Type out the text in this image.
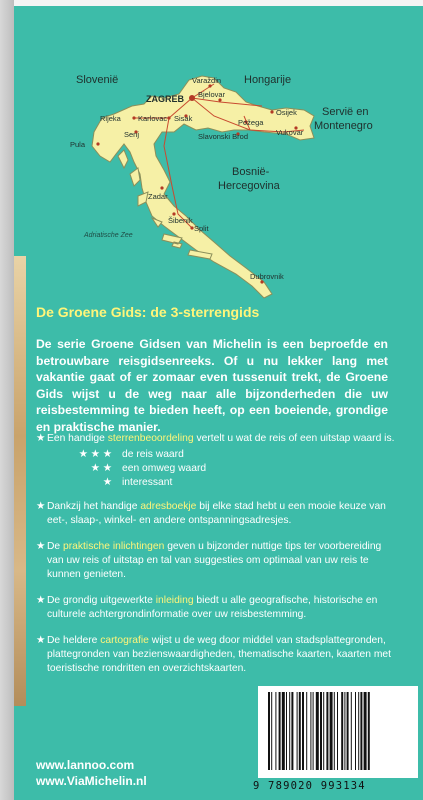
Slovenië	Hongarije
Servië en
Montenegro
Bosnië-
Hercegovina
ZAGREB
Varaždin
Bjelovar
Rijeka Karlovac Sisak
Osijek
Požega
Senj	Slavonski Brod	Vukovar
Pula
Zadar
Šibenik
Split
Dubrovnik
Adriatische Zee
De Groene Gids: de 3-sterrengids
De serie Groene Gidsen van Michelin is een beproefde en betrouwbare reisgidsenreeks. Of u nu lekker lang met vakantie gaat of er zomaar even tussenuit trekt, de Groene Gids wijst u de weg naar alle bijzonderheden die uw reisbestemming te bieden heeft, op een boeiende, grondige en praktische manier.
★ Een handige sterrenbeoordeling vertelt u wat de reis of een uitstap waard is.
★ ★ ★ de reis waard
★ ★ een omweg waard
★ interessant
★ Dankzij het handige adresboekje bij elke stad hebt u een mooie keuze van eet-, slaap-, winkel- en andere ontspanningsadresjes.
★ De praktische inlichtingen geven u bijzonder nuttige tips ter voorbereiding van uw reis of uitstap en tal van suggesties om optimaal van uw reis te kunnen genieten.
★ De grondig uitgewerkte inleiding biedt u alle geografische, historische en culturele achtergrondinformatie over uw reisbestemming.
★ De heldere cartografie wijst u de weg door middel van stadsplattegronden, plattegronden van bezienswaardigheden, thematische kaarten, kaarten met toeristische rondritten en overzichtskaarten.
www.lannoo.com
www.ViaMichelin.nl	9 789020 993134
